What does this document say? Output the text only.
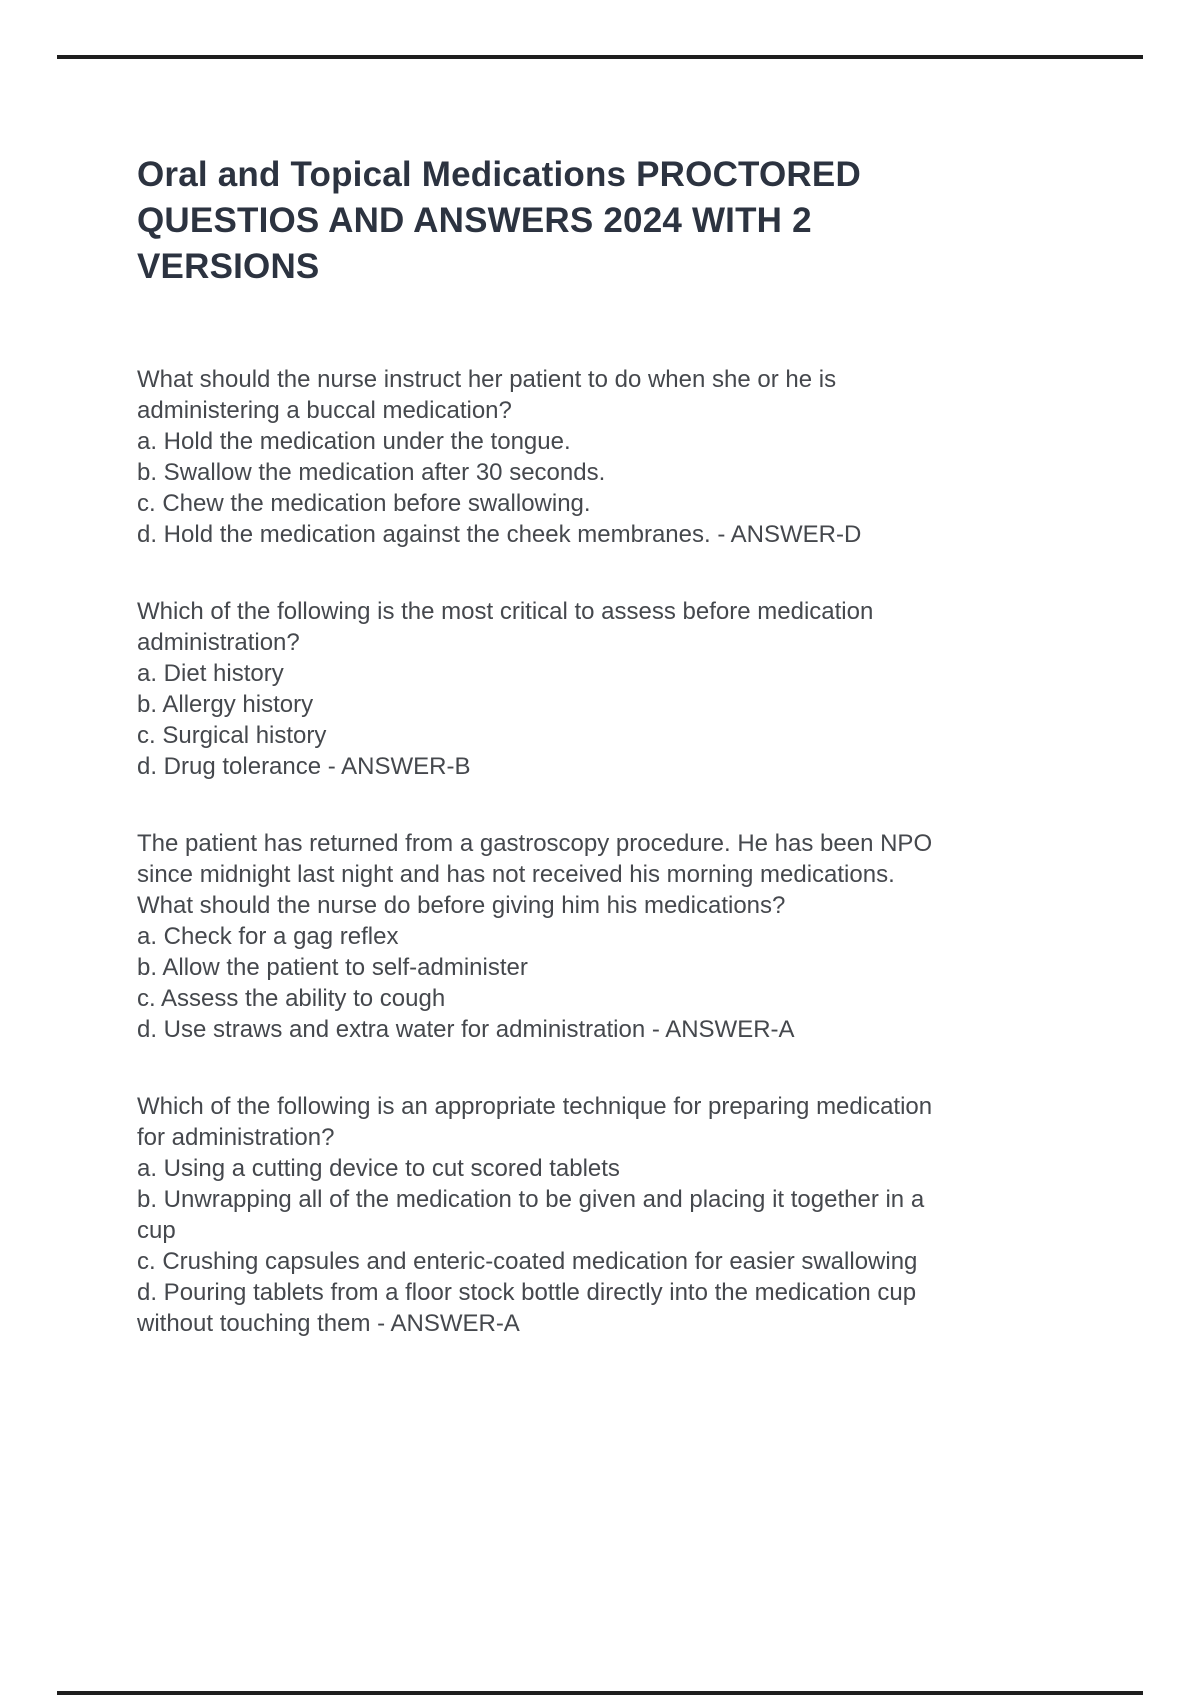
Oral and Topical Medications PROCTORED
QUESTIOS AND ANSWERS 2024 WITH 2
VERSIONS
What should the nurse instruct her patient to do when she or he is
administering a buccal medication?
a. Hold the medication under the tongue.
b. Swallow the medication after 30 seconds.
c. Chew the medication before swallowing.
d. Hold the medication against the cheek membranes. - ANSWER-D
Which of the following is the most critical to assess before medication
administration?
a. Diet history
b. Allergy history
c. Surgical history
d. Drug tolerance - ANSWER-B
The patient has returned from a gastroscopy procedure. He has been NPO
since midnight last night and has not received his morning medications.
What should the nurse do before giving him his medications?
a. Check for a gag reflex
b. Allow the patient to self-administer
c. Assess the ability to cough
d. Use straws and extra water for administration - ANSWER-A
Which of the following is an appropriate technique for preparing medication
for administration?
a. Using a cutting device to cut scored tablets
b. Unwrapping all of the medication to be given and placing it together in a
cup
c. Crushing capsules and enteric-coated medication for easier swallowing
d. Pouring tablets from a floor stock bottle directly into the medication cup
without touching them - ANSWER-A
